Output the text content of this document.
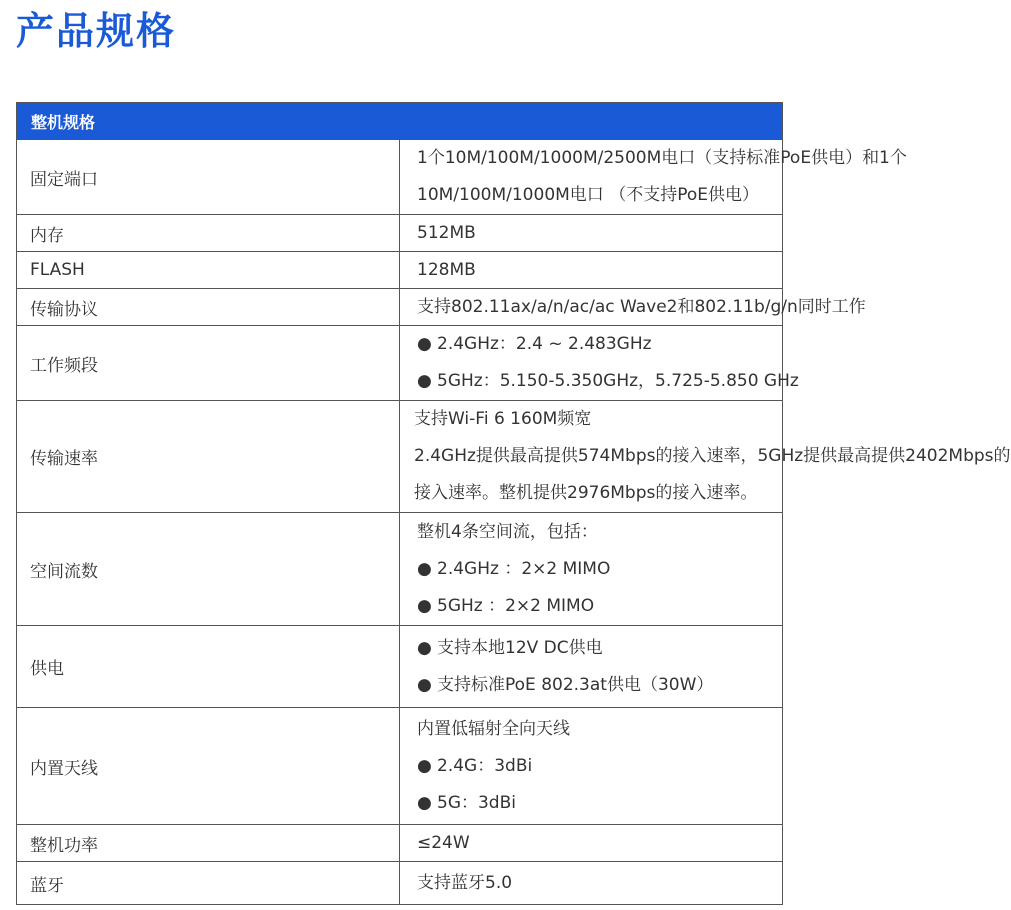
产品规格
整机规格	
固定端口	1个10M/100M/1000M/2500M电口（支持标准PoE供电）和1个
10M/100M/1000M电口 （不支持PoE供电）

内存	512MB

FLASH	128MB

传输协议	支持802.11ax/a/n/ac/ac Wave2和802.11b/g/n同时工作

工作频段	● 2.4GHz：2.4 ~ 2.483GHz
● 5GHz：5.150-5.350GHz，5.725-5.850 GHz

传输速率	支持Wi-Fi 6 160M频宽
2.4GHz提供最高提供574Mbps的接入速率，5GHz提供最高提供2402Mbps的
接入速率。整机提供2976Mbps的接入速率。

空间流数	整机4条空间流，包括：
● 2.4GHz ：2×2 MIMO
● 5GHz ：2×2 MIMO

供电	● 支持本地12V DC供电
● 支持标准PoE 802.3at供电（30W）

内置天线	内置低辐射全向天线
● 2.4G：3dBi
● 5G：3dBi

整机功率	≤24W

蓝牙	支持蓝牙5.0
